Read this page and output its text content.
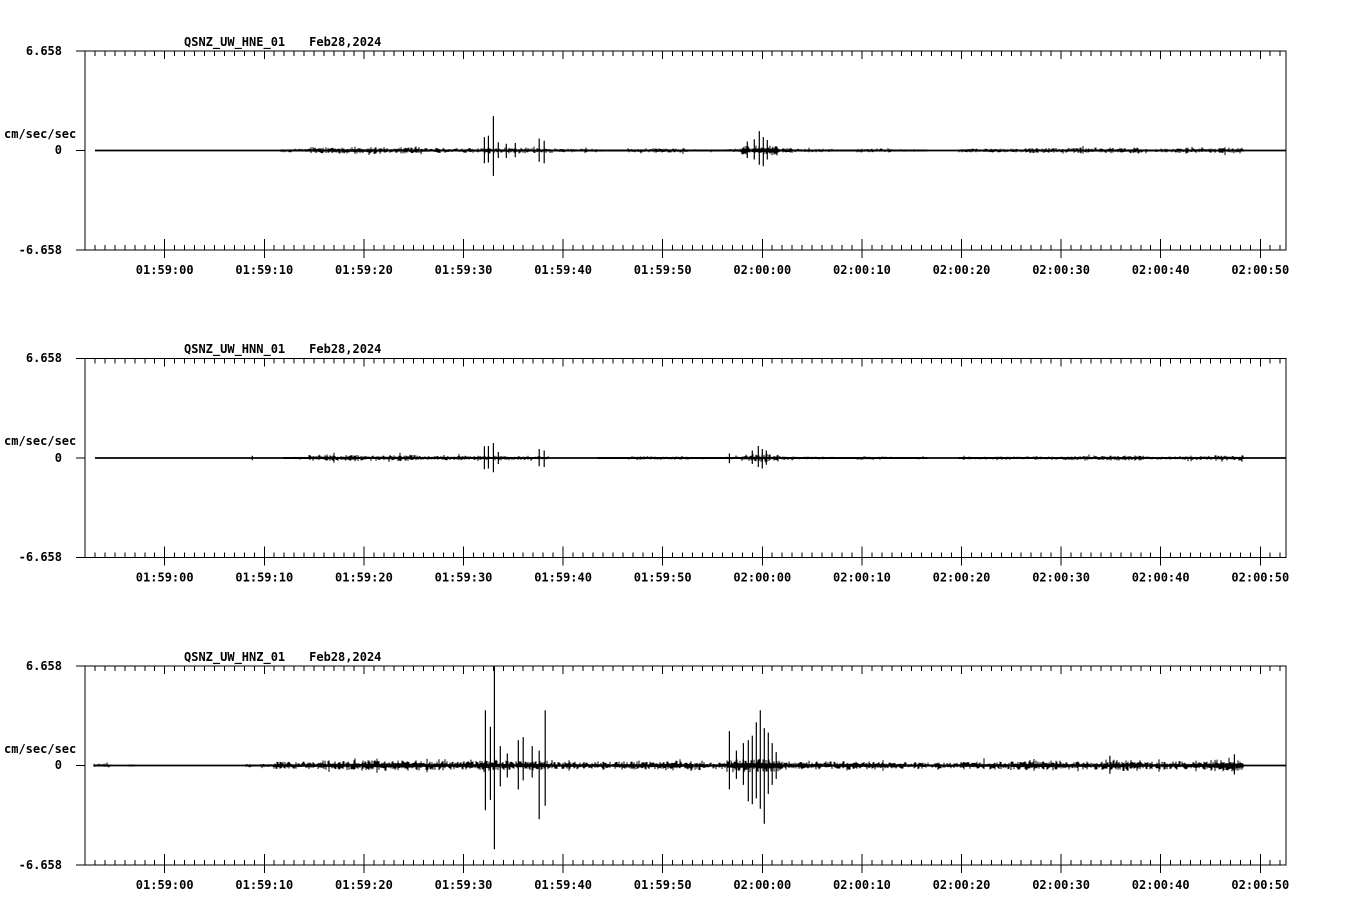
01:59:00	01:59:10	01:59:20	01:59:30	01:59:40	01:59:50	02:00:00	02:00:10	02:00:20	02:00:30	02:00:40	02:00:50
01:59:00	01:59:10	01:59:20	01:59:30	01:59:40	01:59:50	02:00:00	02:00:10	02:00:20	02:00:30	02:00:40	02:00:50
01:59:00	01:59:10	01:59:20	01:59:30	01:59:40	01:59:50	02:00:00	02:00:10	02:00:20	02:00:30	02:00:40	02:00:50
QSNZ_UW_HNE_01 Feb28,2024
6.658
cm/sec/sec
0
-6.658
QSNZ_UW_HNN_01 Feb28,2024
6.658
cm/sec/sec
0
-6.658
QSNZ_UW_HNZ_01 Feb28,2024
6.658
cm/sec/sec
0
-6.658
